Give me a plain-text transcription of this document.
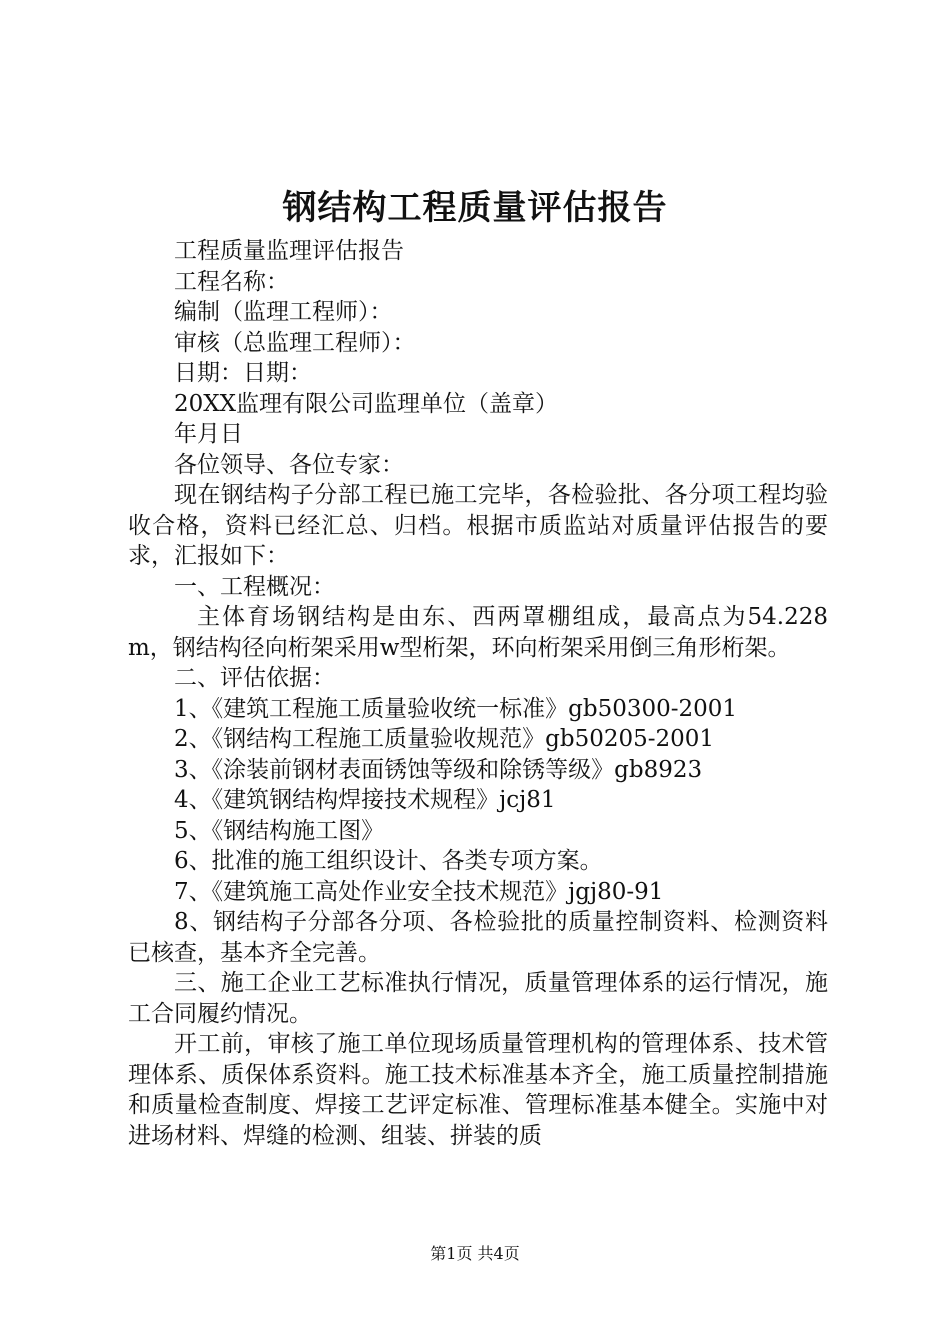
钢结构工程质量评估报告

工程质量监理评估报告

工程名称：

编制（监理工程师）：

审核（总监理工程师）：

日期：日期：

20XX监理有限公司监理单位（盖章）

年月日

各位领导、各位专家：

现在钢结构子分部工程已施工完毕，各检验批、各分项工程均验收合格，资料已经汇总、归档。根据市质监站对质量评估报告的要求，汇报如下：

一、工程概况：

主体育场钢结构是由东、西两罩棚组成，最高点为54.228m，钢结构径向桁架采用w型桁架，环向桁架采用倒三角形桁架。

二、评估依据：

1、《建筑工程施工质量验收统一标准》gb50300-2001

2、《钢结构工程施工质量验收规范》gb50205-2001

3、《涂装前钢材表面锈蚀等级和除锈等级》gb8923

4、《建筑钢结构焊接技术规程》jcj81

5、《钢结构施工图》

6、批准的施工组织设计、各类专项方案。

7、《建筑施工高处作业安全技术规范》jgj80-91

8、钢结构子分部各分项、各检验批的质量控制资料、检测资料已核查，基本齐全完善。

三、施工企业工艺标准执行情况，质量管理体系的运行情况，施工合同履约情况。

开工前，审核了施工单位现场质量管理机构的管理体系、技术管理体系、质保体系资料。施工技术标准基本齐全，施工质量控制措施和质量检查制度、焊接工艺评定标准、管理标准基本健全。实施中对进场材料、焊缝的检测、组装、拼装的质

第1页 共4页
